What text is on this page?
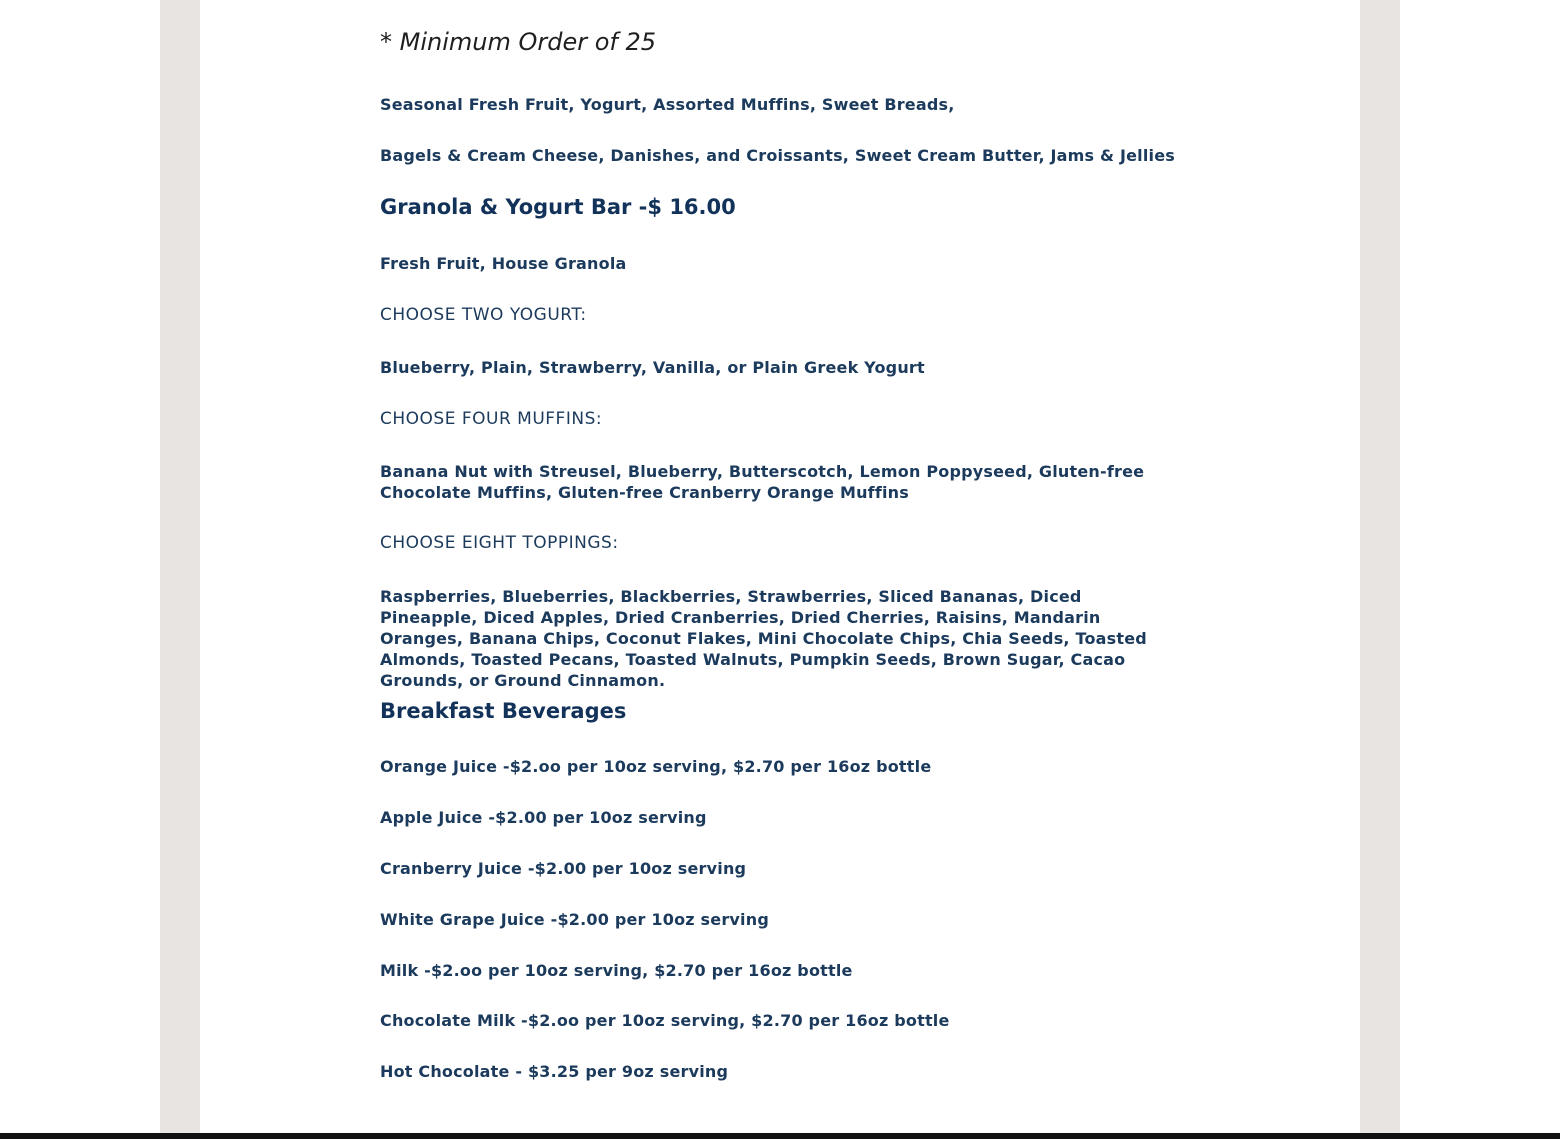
* Minimum Order of 25
Seasonal Fresh Fruit, Yogurt, Assorted Muffins, Sweet Breads,
Bagels & Cream Cheese, Danishes, and Croissants, Sweet Cream Butter, Jams & Jellies
Granola & Yogurt Bar -$ 16.00
Fresh Fruit, House Granola
CHOOSE TWO YOGURT:
Blueberry, Plain, Strawberry, Vanilla, or Plain Greek Yogurt
CHOOSE FOUR MUFFINS:
Banana Nut with Streusel, Blueberry, Butterscotch, Lemon Poppyseed, Gluten-free Chocolate Muffins, Gluten-free Cranberry Orange Muffins
CHOOSE EIGHT TOPPINGS:
Raspberries, Blueberries, Blackberries, Strawberries, Sliced Bananas, Diced Pineapple, Diced Apples, Dried Cranberries, Dried Cherries, Raisins, Mandarin Oranges, Banana Chips, Coconut Flakes, Mini Chocolate Chips, Chia Seeds, Toasted Almonds, Toasted Pecans, Toasted Walnuts, Pumpkin Seeds, Brown Sugar, Cacao Grounds, or Ground Cinnamon.
Breakfast Beverages
Orange Juice -$2.oo per 10oz serving, $2.70 per 16oz bottle
Apple Juice -$2.00 per 10oz serving
Cranberry Juice -$2.00 per 10oz serving
White Grape Juice -$2.00 per 10oz serving
Milk -$2.oo per 10oz serving, $2.70 per 16oz bottle
Chocolate Milk -$2.oo per 10oz serving, $2.70 per 16oz bottle
Hot Chocolate - $3.25 per 9oz serving
